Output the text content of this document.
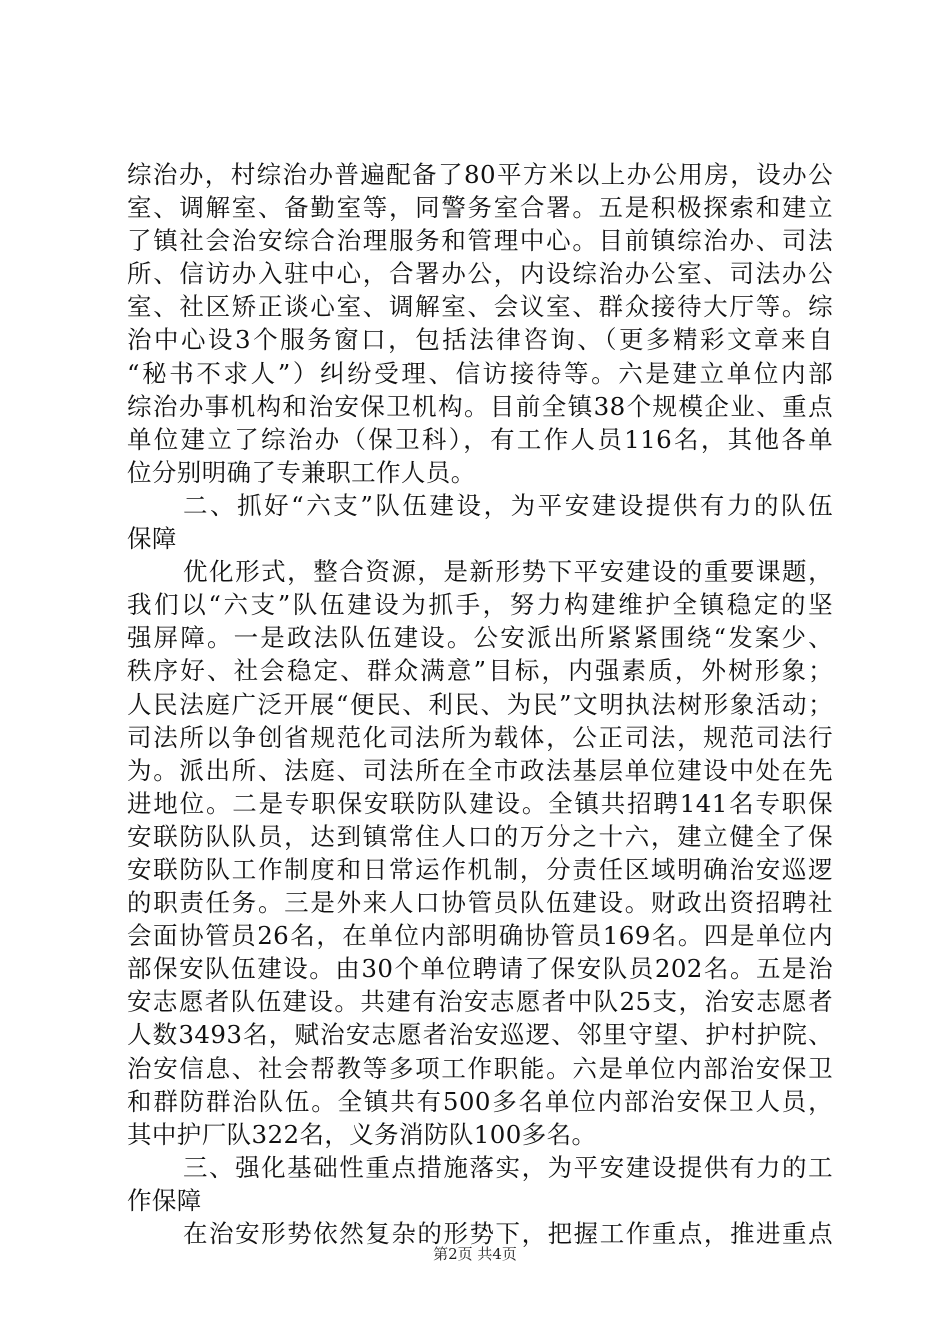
综治办，村综治办普遍配备了80平方米以上办公用房，设办公
室、调解室、备勤室等，同警务室合署。五是积极探索和建立
了镇社会治安综合治理服务和管理中心。目前镇综治办、司法
所、信访办入驻中心，合署办公，内设综治办公室、司法办公
室、社区矫正谈心室、调解室、会议室、群众接待大厅等。综
治中心设3个服务窗口，包括法律咨询、（更多精彩文章来自
“秘书不求人”）纠纷受理、信访接待等。六是建立单位内部
综治办事机构和治安保卫机构。目前全镇38个规模企业、重点
单位建立了综治办（保卫科），有工作人员116名，其他各单
位分别明确了专兼职工作人员。
二、抓好“六支”队伍建设，为平安建设提供有力的队伍
保障
优化形式，整合资源，是新形势下平安建设的重要课题，
我们以“六支”队伍建设为抓手，努力构建维护全镇稳定的坚
强屏障。一是政法队伍建设。公安派出所紧紧围绕“发案少、
秩序好、社会稳定、群众满意”目标，内强素质，外树形象；
人民法庭广泛开展“便民、利民、为民”文明执法树形象活动；
司法所以争创省规范化司法所为载体，公正司法，规范司法行
为。派出所、法庭、司法所在全市政法基层单位建设中处在先
进地位。二是专职保安联防队建设。全镇共招聘141名专职保
安联防队队员，达到镇常住人口的万分之十六，建立健全了保
安联防队工作制度和日常运作机制，分责任区域明确治安巡逻
的职责任务。三是外来人口协管员队伍建设。财政出资招聘社
会面协管员26名，在单位内部明确协管员169名。四是单位内
部保安队伍建设。由30个单位聘请了保安队员202名。五是治
安志愿者队伍建设。共建有治安志愿者中队25支，治安志愿者
人数3493名，赋治安志愿者治安巡逻、邻里守望、护村护院、
治安信息、社会帮教等多项工作职能。六是单位内部治安保卫
和群防群治队伍。全镇共有500多名单位内部治安保卫人员，
其中护厂队322名，义务消防队100多名。
三、强化基础性重点措施落实，为平安建设提供有力的工
作保障
在治安形势依然复杂的形势下，把握工作重点，推进重点
第2页 共4页
